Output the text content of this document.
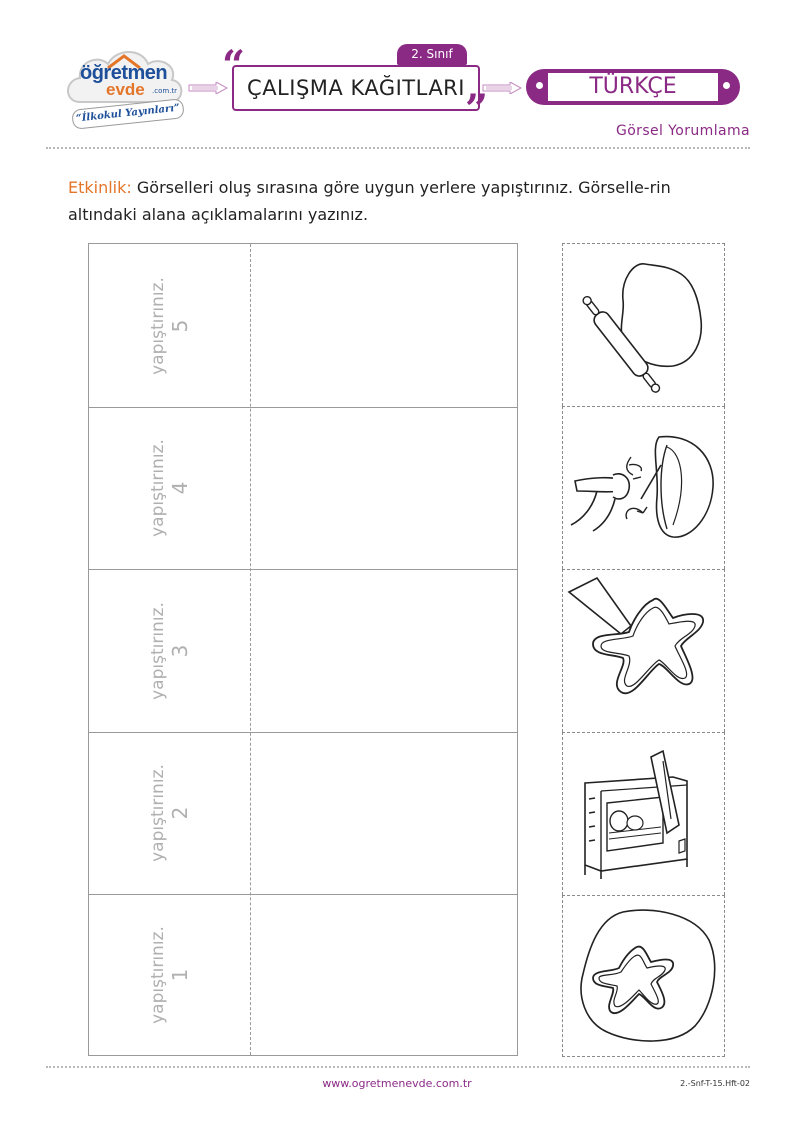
öğretmen
evde .com.tr
“İlkokul Yayınları”
2. Sınıf
“
”
ÇALIŞMA KAĞITLARI	TÜRKÇE
Görsel Yorumlama
Etkinlik: Görselleri oluş sırasına göre uygun yerlere yapıştırınız. Görselle-rin altındaki alana açıklamalarını yazınız.
yapıştırınız. 5
yapıştırınız. 4
yapıştırınız. 3
yapıştırınız. 2
yapıştırınız. 1
www.ogretmenevde.com.tr	2.-Snf-T-15.Hft-02
